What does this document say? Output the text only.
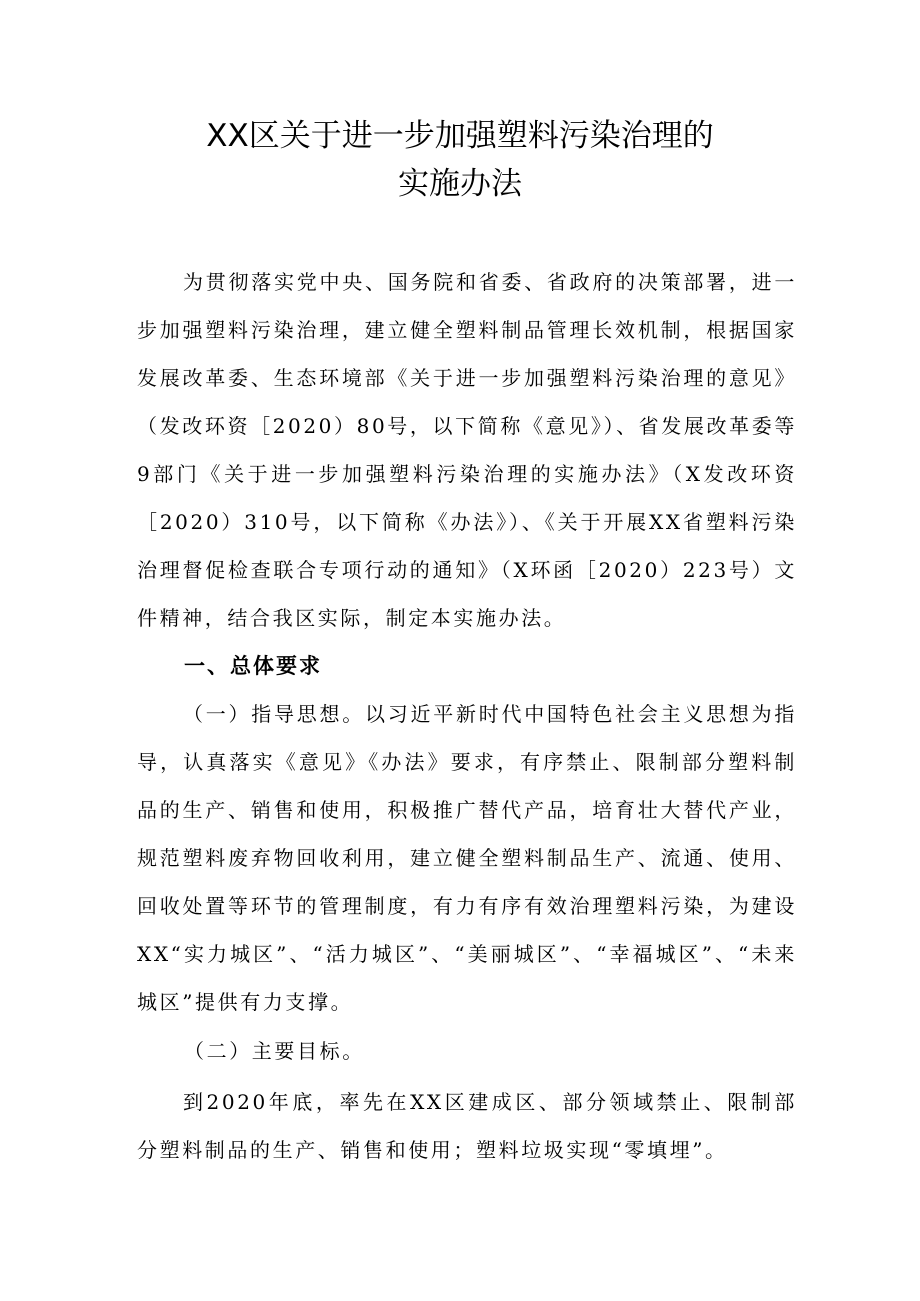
XX区关于进一步加强塑料污染治理的
实施办法
为贯彻落实党中央、国务院和省委、省政府的决策部署，进一步加强塑料污染治理，建立健全塑料制品管理长效机制，根据国家发展改革委、生态环境部《关于进一步加强塑料污染治理的意见》（发改环资［2020）80号，以下简称《意见》）、省发展改革委等9部门《关于进一步加强塑料污染治理的实施办法》（X发改环资［2020）310号，以下简称《办法》）、《关于开展XX省塑料污染治理督促检查联合专项行动的通知》（X环函［2020）223号）文件精神，结合我区实际，制定本实施办法。
一、总体要求
（一）指导思想。以习近平新时代中国特色社会主义思想为指导，认真落实《意见》《办法》要求，有序禁止、限制部分塑料制品的生产、销售和使用，积极推广替代产品，培育壮大替代产业，规范塑料废弃物回收利用，建立健全塑料制品生产、流通、使用、回收处置等环节的管理制度，有力有序有效治理塑料污染，为建设XX“实力城区”、“活力城区”、“美丽城区”、“幸福城区”、“未来城区”提供有力支撑。
（二）主要目标。
到2020年底，率先在XX区建成区、部分领域禁止、限制部分塑料制品的生产、销售和使用；塑料垃圾实现“零填埋”。
